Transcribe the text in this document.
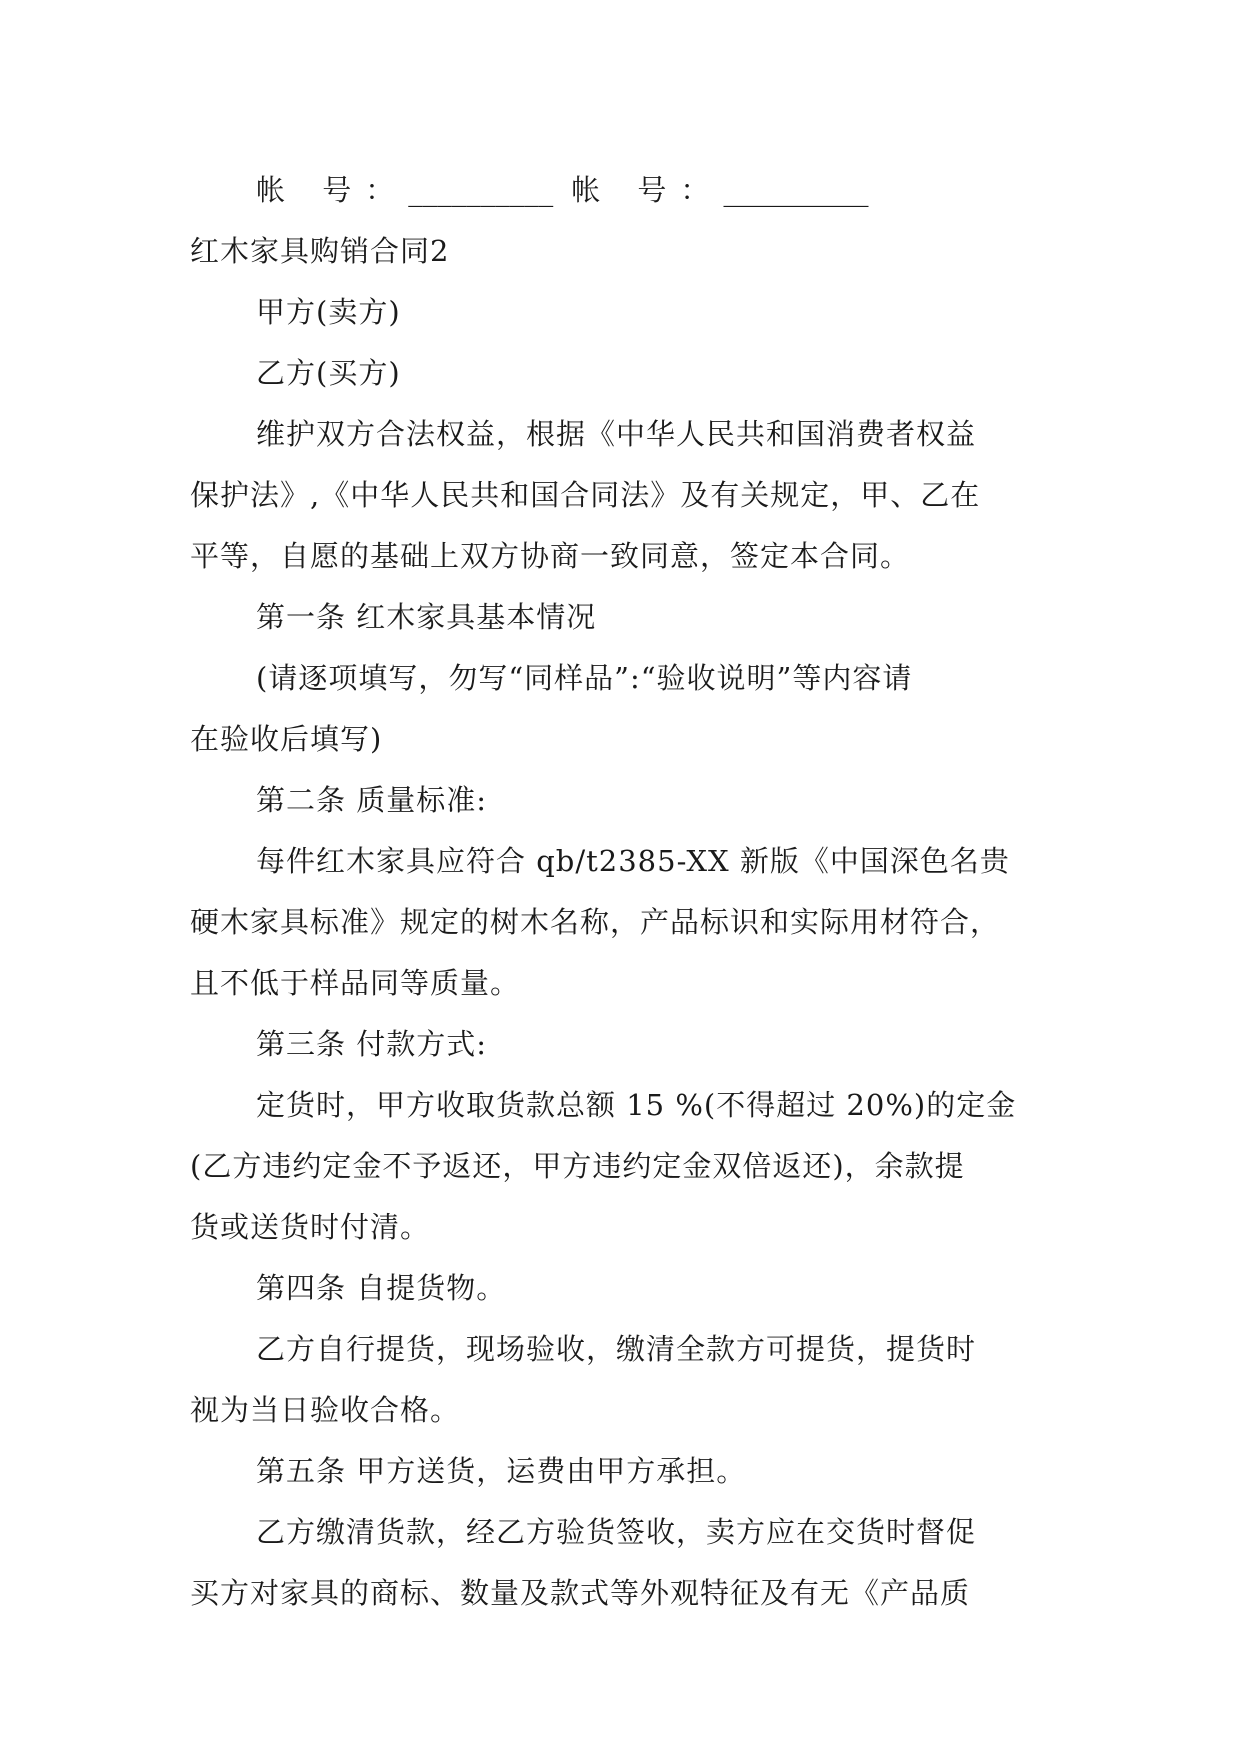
帐 号：__________ 帐 号：__________
红木家具购销合同2
甲方(卖方)
乙方(买方)
维护双方合法权益，根据《中华人民共和国消费者权益
保护法》,《中华人民共和国合同法》及有关规定，甲、乙在
平等，自愿的基础上双方协商一致同意，签定本合同。
第一条 红木家具基本情况
(请逐项填写，勿写“同样品”:“验收说明”等内容请
在验收后填写)
第二条 质量标准:
每件红木家具应符合 qb/t2385-XX 新版《中国深色名贵
硬木家具标准》规定的树木名称，产品标识和实际用材符合，
且不低于样品同等质量。
第三条 付款方式:
定货时，甲方收取货款总额 15 %(不得超过 20%)的定金
(乙方违约定金不予返还，甲方违约定金双倍返还)，余款提
货或送货时付清。
第四条 自提货物。
乙方自行提货，现场验收，缴清全款方可提货，提货时
视为当日验收合格。
第五条 甲方送货，运费由甲方承担。
乙方缴清货款，经乙方验货签收，卖方应在交货时督促
买方对家具的商标、数量及款式等外观特征及有无《产品质
